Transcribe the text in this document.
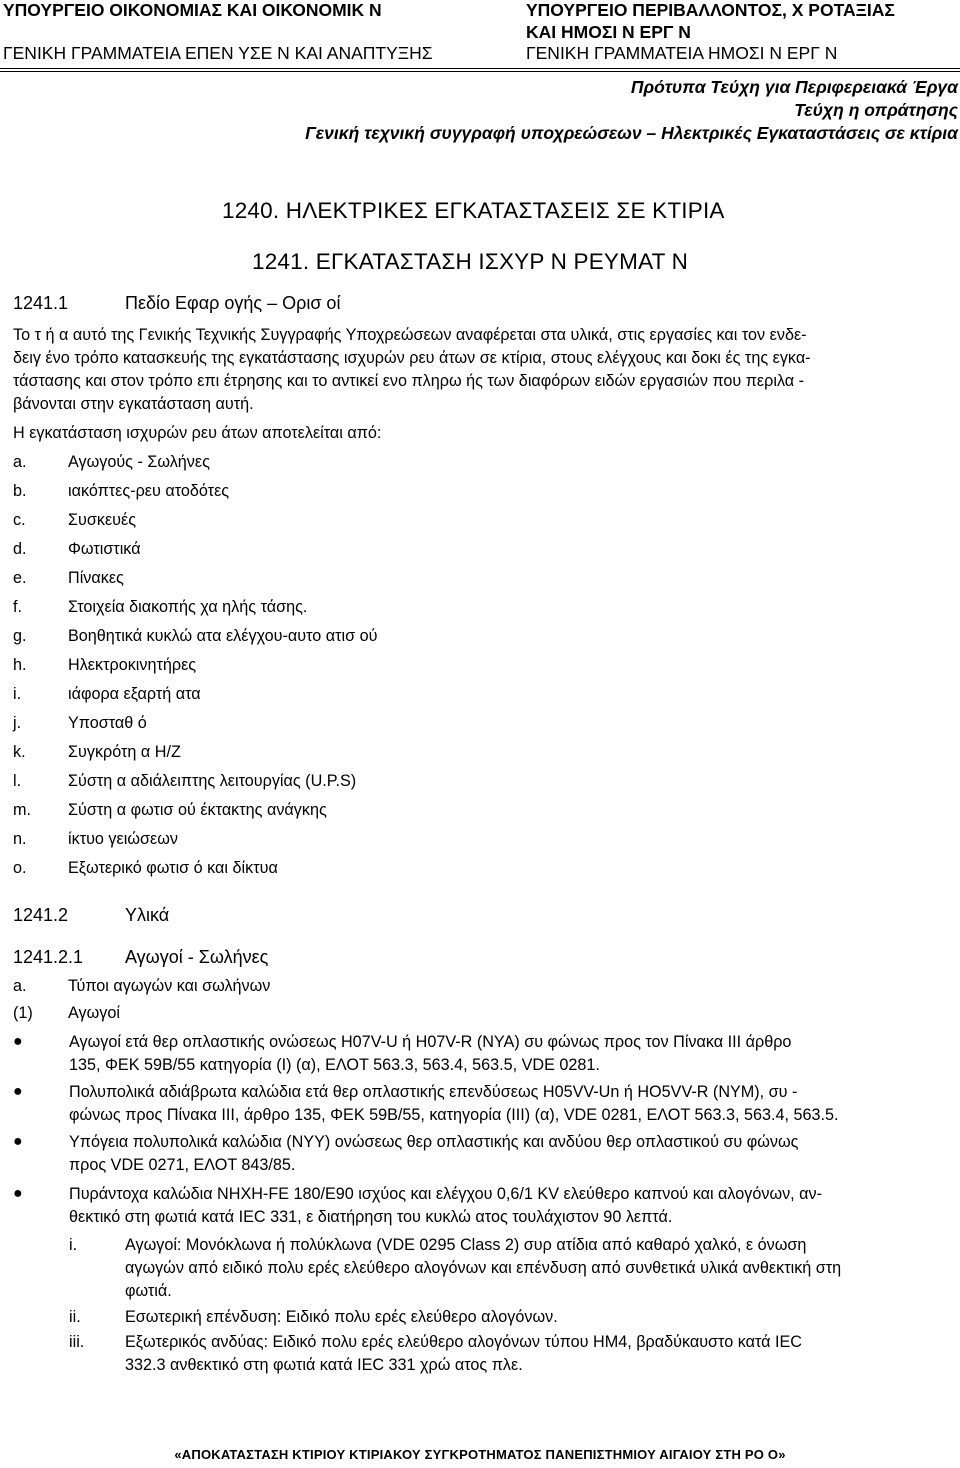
ΥΠΟΥΡΓΕΙΟ ΟΙΚΟΝΟΜΙΑΣ ΚΑΙ ΟΙΚΟΝΟΜΙΚ Ν
ΓΕΝΙΚΗ ΓΡΑΜΜΑΤΕΙΑ ΕΠΕΝ ΥΣΕ Ν ΚΑΙ ΑΝΑΠΤΥΞΗΣ
ΥΠΟΥΡΓΕΙΟ ΠΕΡΙΒΑΛΛΟΝΤΟΣ, Χ ΡΟΤΑΞΙΑΣ
ΚΑΙ ΗΜΟΣΙ Ν ΕΡΓ Ν
ΓΕΝΙΚΗ ΓΡΑΜΜΑΤΕΙΑ ΗΜΟΣΙ Ν ΕΡΓ Ν
Πρότυπα Τεύχη για Περιφερειακά Έργα
Τεύχη η οπράτησης
Γενική τεχνική συγγραφή υποχρεώσεων – Ηλεκτρικές Εγκαταστάσεις σε κτίρια
1240. ΗΛΕΚΤΡΙΚΕΣ ΕΓΚΑΤΑΣΤΑΣΕΙΣ ΣΕ ΚΤΙΡΙΑ
1241. ΕΓΚΑΤΑΣΤΑΣΗ ΙΣΧΥΡ Ν ΡΕΥΜΑΤ Ν
1241.1	Πεδίο Εφαρ ογής – Ορισ οί
Το τ ή α αυτό της Γενικής Τεχνικής Συγγραφής Υποχρεώσεων αναφέρεται στα υλικά, στις εργασίες και τον ενδε-
δειγ ένο τρόπο κατασκευής της εγκατάστασης ισχυρών ρευ άτων σε κτίρια, στους ελέγχους και δοκι ές της εγκα-
τάστασης και στον τρόπο επι έτρησης και το αντικεί ενο πληρω ής των διαφόρων ειδών εργασιών που περιλα -
βάνονται στην εγκατάσταση αυτή.
Η εγκατάσταση ισχυρών ρευ άτων αποτελείται από:
a.	Αγωγούς - Σωλήνες
b.	ιακόπτες-ρευ ατοδότες
c.	Συσκευές
d.	Φωτιστικά
e.	Πίνακες
f.	Στοιχεία διακοπής χα ηλής τάσης.
g.	Βοηθητικά κυκλώ ατα ελέγχου-αυτο ατισ ού
h.	Ηλεκτροκινητήρες
i.	ιάφορα εξαρτή ατα
j.	Υποσταθ ό
k.	Συγκρότη α Η/Ζ
l.	Σύστη α αδιάλειπτης λειτουργίας (U.P.S)
m. Σύστη α φωτισ ού έκτακτης ανάγκης
n.	ίκτυο γειώσεων
o.	Εξωτερικό φωτισ ό και δίκτυα
1241.2	Υλικά
1241.2.1 Αγωγοί - Σωλήνες
a.	Τύποι αγωγών και σωλήνων
(1) Αγωγοί
●	Αγωγοί ετά θερ οπλαστικής ονώσεως H07V-U ή H07V-R (NYA) συ φώνως προς τον Πίνακα ΙΙΙ άρθρο
135, ΦΕΚ 59Β/55 κατηγορία (Ι) (α), ΕΛΟΤ 563.3, 563.4, 563.5, VDE 0281.
●	Πολυπολικά αδιάβρωτα καλώδια ετά θερ οπλαστικής επενδύσεως H05VV-Un ή HO5VV-R (NYM), συ -
φώνως προς Πίνακα ΙΙΙ, άρθρο 135, ΦΕΚ 59Β/55, κατηγορία (ΙΙΙ) (α), VDE 0281, ΕΛΟΤ 563.3, 563.4, 563.5.
●	Υπόγεια πολυπολικά καλώδια (NYY) ονώσεως θερ οπλαστικής και ανδύου θερ οπλαστικού συ φώνως
προς VDE 0271, ΕΛΟΤ 843/85.
●	Πυράντοχα καλώδια NHXH-FE 180/E90 ισχύος και ελέγχου 0,6/1 KV ελεύθερο καπνού και αλογόνων, αν-
θεκτικό στη φωτιά κατά IEC 331, ε διατήρηση του κυκλώ ατος τουλάχιστον 90 λεπτά.
i.	Αγωγοί: Μονόκλωνα ή πολύκλωνα (VDE 0295 Class 2) συρ ατίδια από καθαρό χαλκό, ε όνωση
αγωγών από ειδικό πολυ ερές ελεύθερο αλογόνων και επένδυση από συνθετικά υλικά ανθεκτική στη
φωτιά.
ii.	Εσωτερική επένδυση: Ειδικό πολυ ερές ελεύθερο αλογόνων.
iii.	Εξωτερικός ανδύας: Ειδικό πολυ ερές ελεύθερο αλογόνων τύπου HM4, βραδύκαυστο κατά IEC
332.3 ανθεκτικό στη φωτιά κατά IEC 331 χρώ ατος πλε.
«ΑΠΟΚΑΤΑΣΤΑΣΗ ΚΤΙΡΙΟΥ ΚΤΙΡΙΑΚΟΥ ΣΥΓΚΡΟΤΗΜΑΤΟΣ ΠΑΝΕΠΙΣΤΗΜΙΟΥ ΑΙΓΑΙΟΥ ΣΤΗ ΡΟ Ο»
